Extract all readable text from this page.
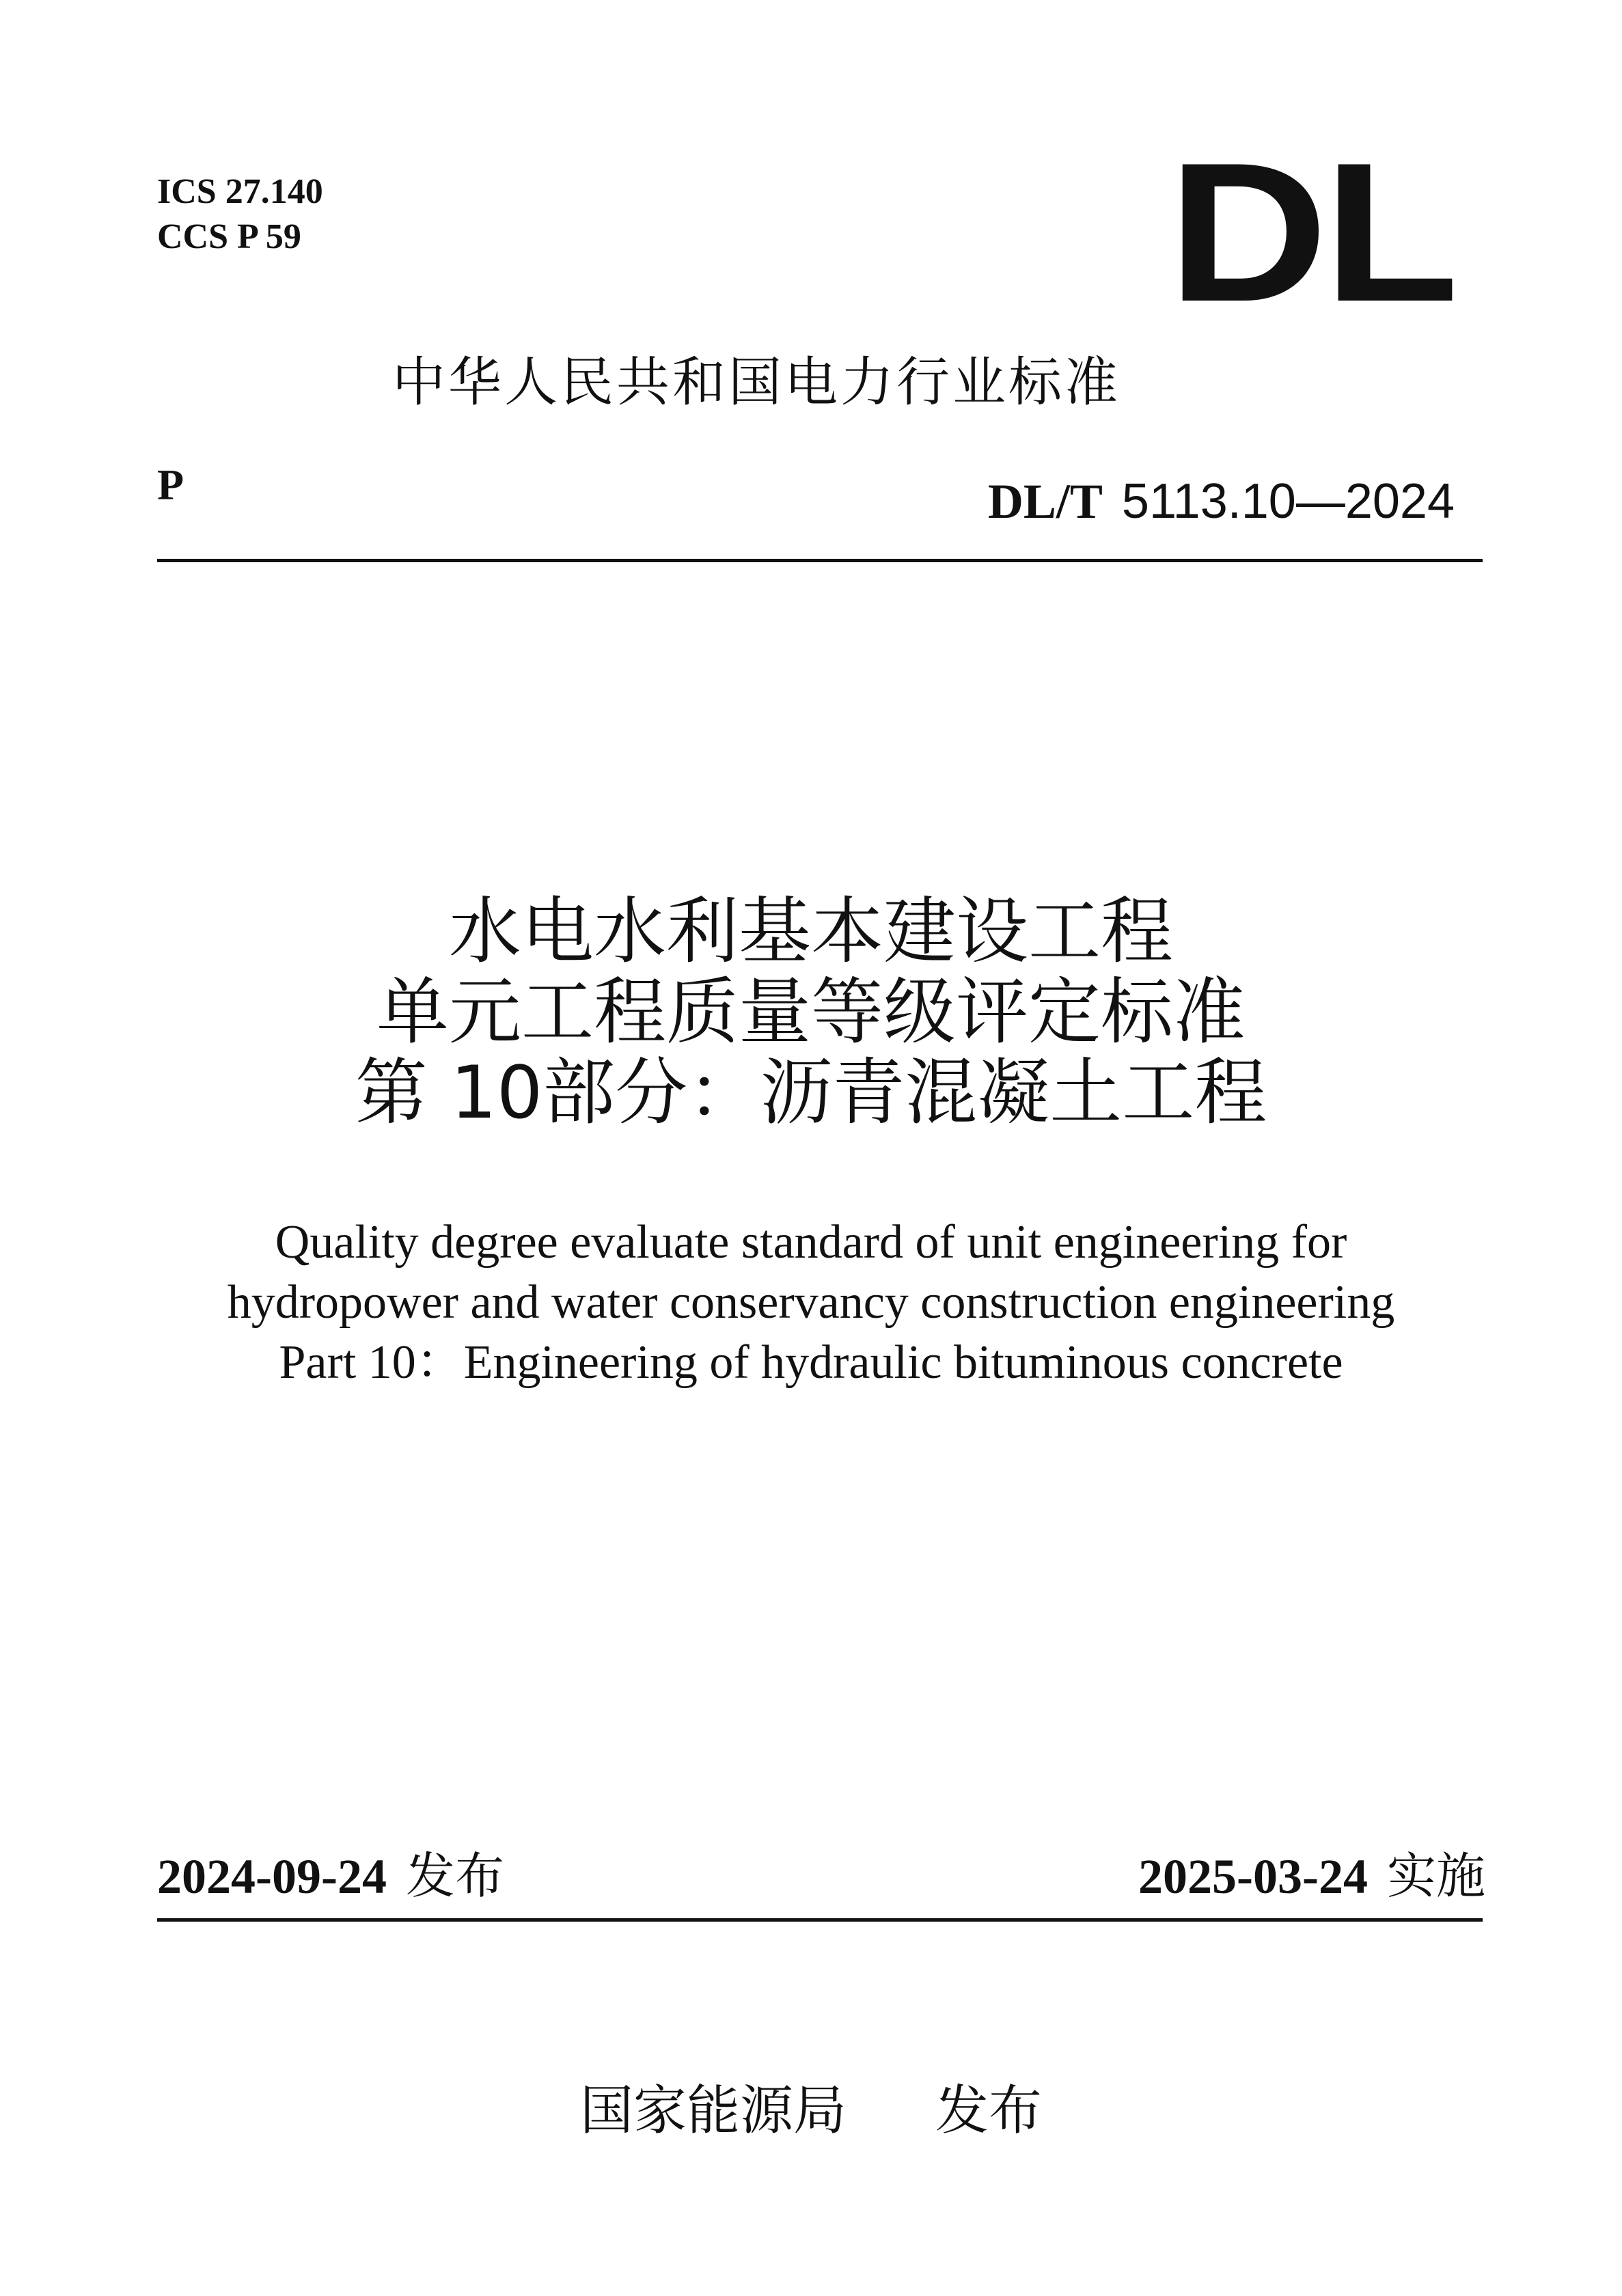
ICS 27.140
CCS P 59	DL
中华人民共和国电力行业标准
P	DL/T 5113.10—2024
水电水利基本建设工程
单元工程质量等级评定标准
第 10部分：沥青混凝土工程
Quality degree evaluate standard of unit engineering for
hydropower and water conservancy construction engineering
Part 10：Engineering of hydraulic bituminous concrete
2024-09-24 发布	2025-03-24 实施
国家能源局 发布
